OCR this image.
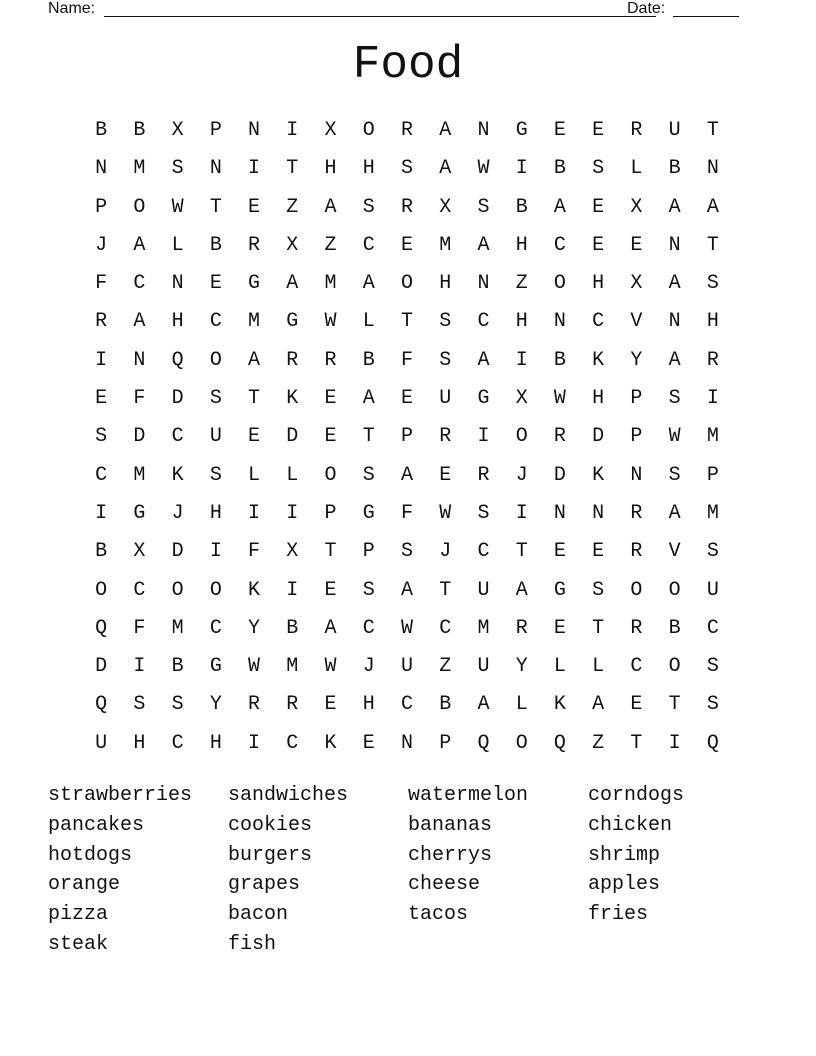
Name:	Date:
Food
B	B	X	P	N	I	X	O	R	A	N	G	E	E	R	U	T
N	M	S	N	I	T	H	H	S	A	W	I	B	S	L	B	N
P	O	W	T	E	Z	A	S	R	X	S	B	A	E	X	A	A
J	A	L	B	R	X	Z	C	E	M	A	H	C	E	E	N	T
F	C	N	E	G	A	M	A	O	H	N	Z	O	H	X	A	S
R	A	H	C	M	G	W	L	T	S	C	H	N	C	V	N	H
I	N	Q	O	A	R	R	B	F	S	A	I	B	K	Y	A	R
E	F	D	S	T	K	E	A	E	U	G	X	W	H	P	S	I
S	D	C	U	E	D	E	T	P	R	I	O	R	D	P	W	M
C	M	K	S	L	L	O	S	A	E	R	J	D	K	N	S	P
I	G	J	H	I	I	P	G	F	W	S	I	N	N	R	A	M
B	X	D	I	F	X	T	P	S	J	C	T	E	E	R	V	S
O	C	O	O	K	I	E	S	A	T	U	A	G	S	O	O	U
Q	F	M	C	Y	B	A	C	W	C	M	R	E	T	R	B	C
D	I	B	G	W	M	W	J	U	Z	U	Y	L	L	C	O	S
Q	S	S	Y	R	R	E	H	C	B	A	L	K	A	E	T	S
U	H	C	H	I	C	K	E	N	P	Q	O	Q	Z	T	I	Q
strawberries	sandwiches	watermelon	corndogs
pancakes	cookies	bananas	chicken
hotdogs	burgers	cherrys	shrimp
orange	grapes	cheese	apples
pizza	bacon	tacos	fries
steak	fish
